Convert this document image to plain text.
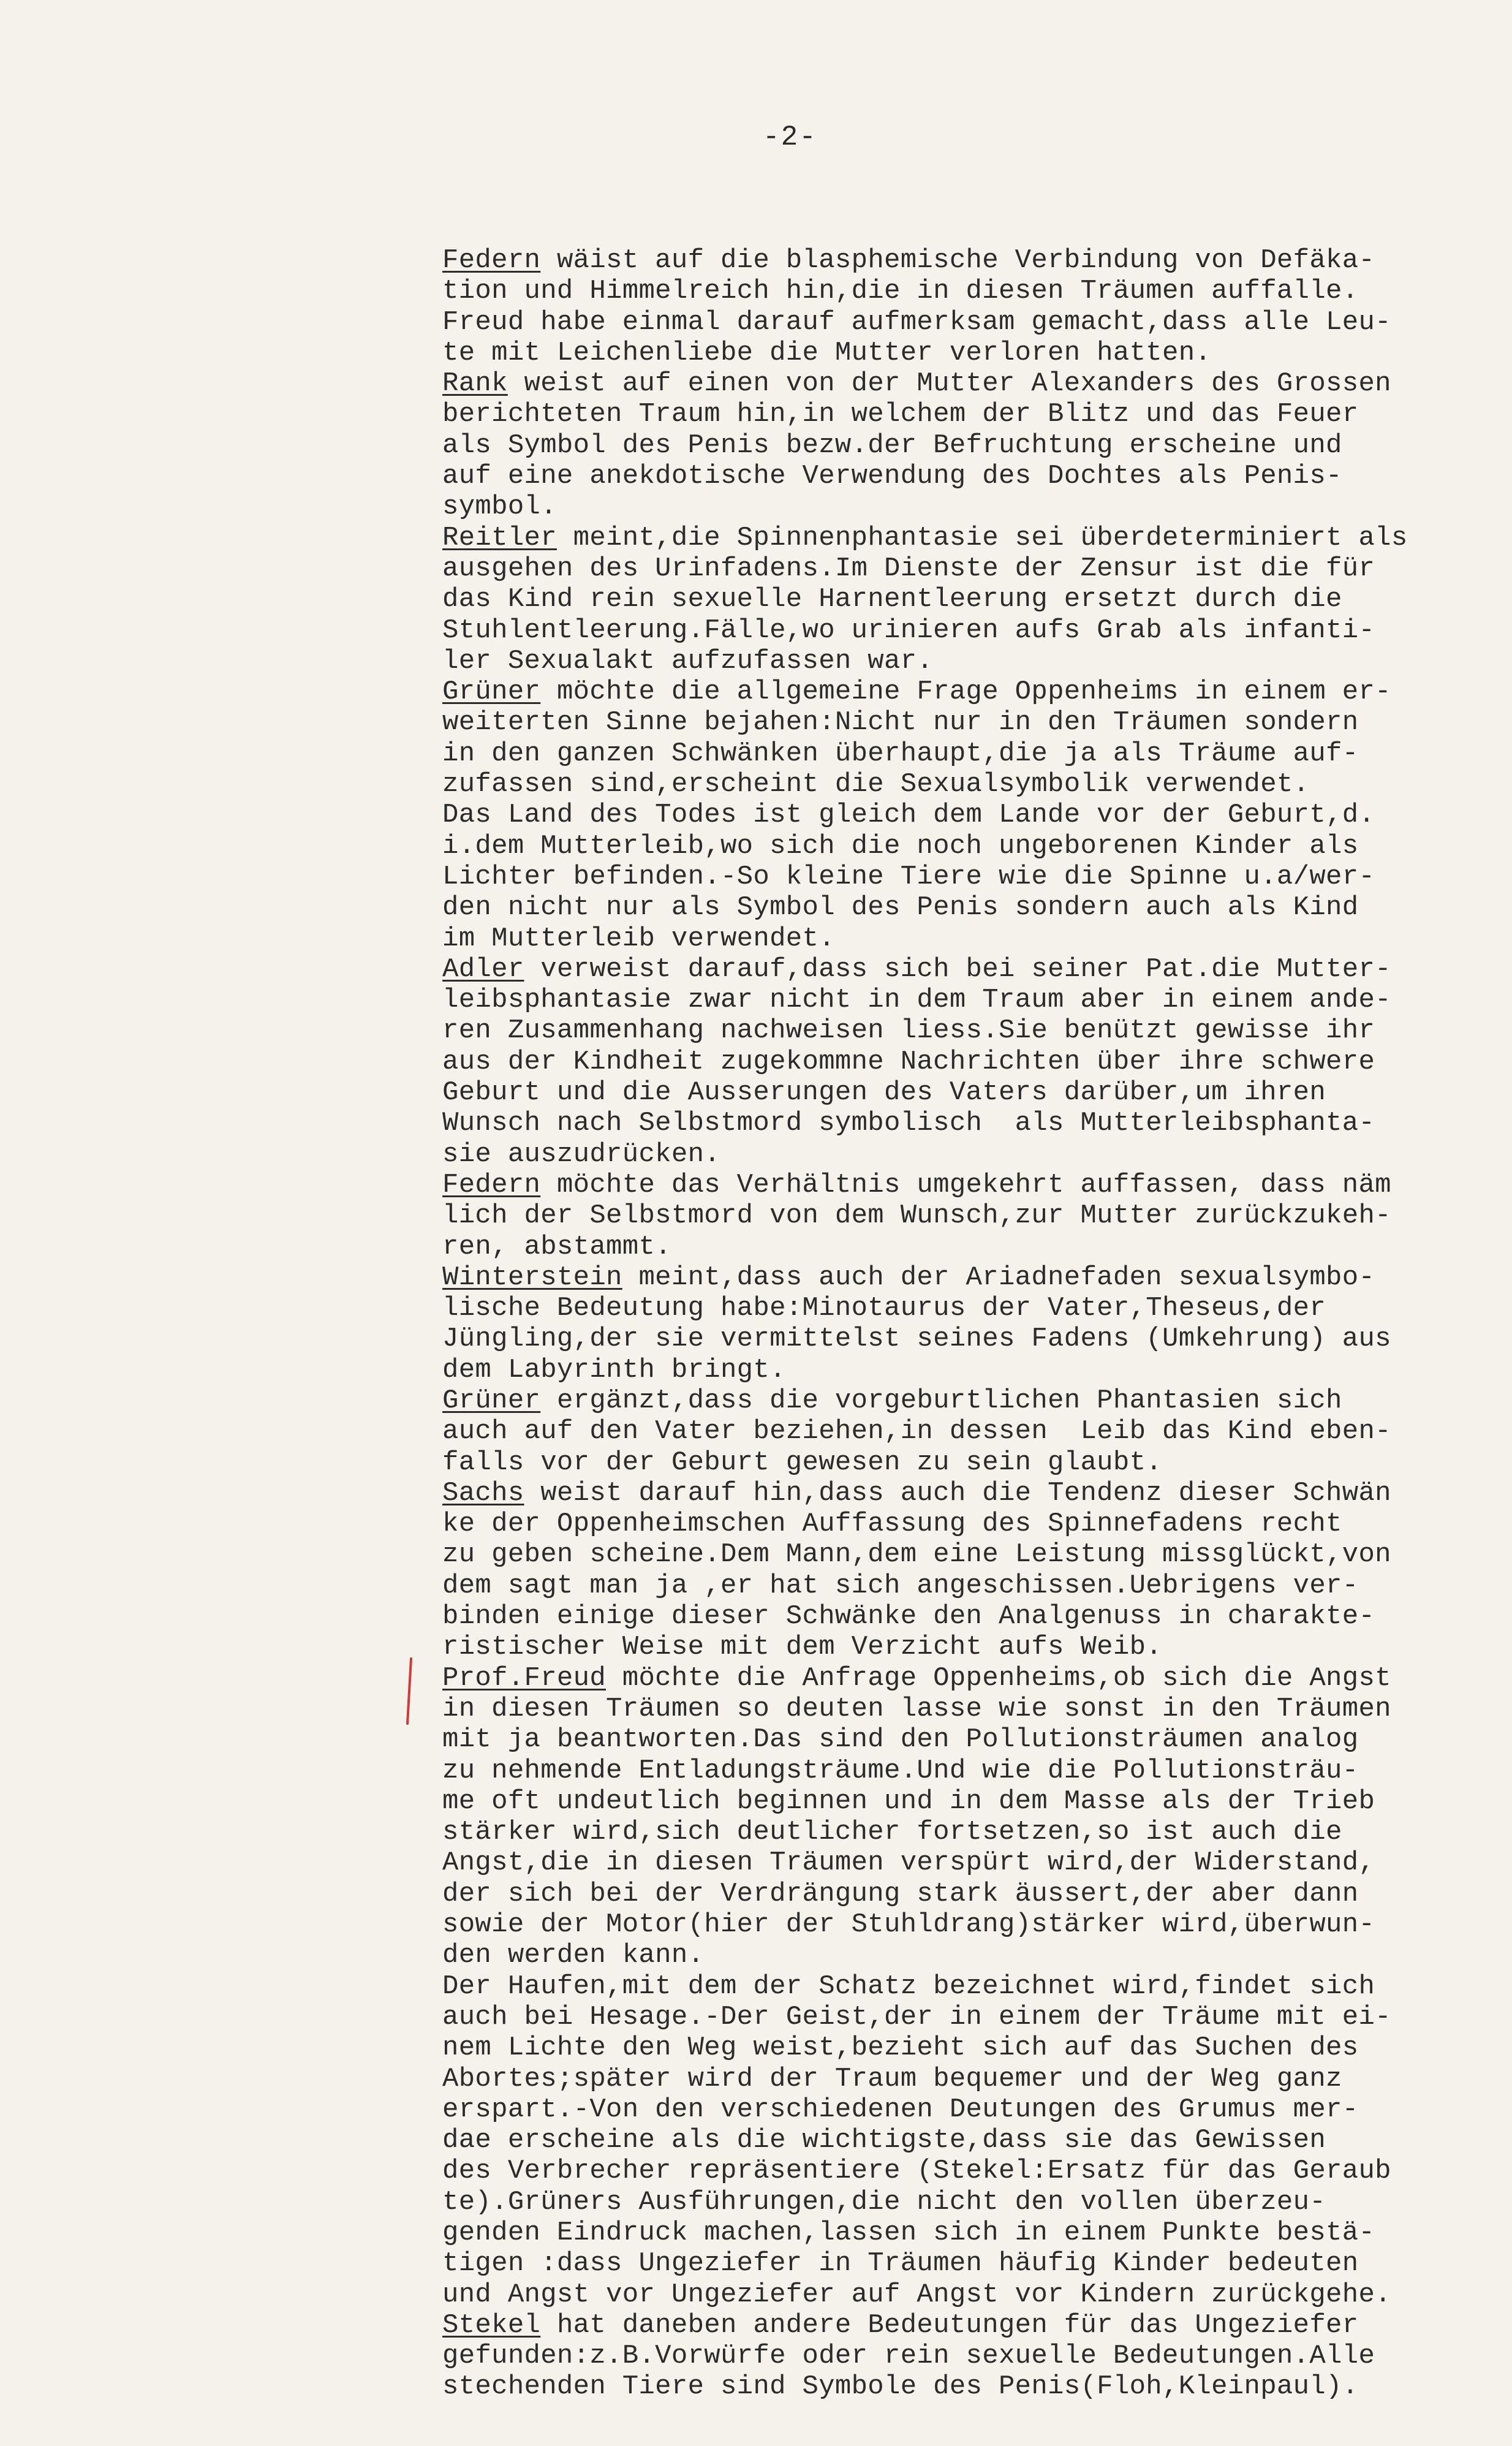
-2-
Federn wäist auf die blasphemische Verbindung von Defäka-
tion und Himmelreich hin,die in diesen Träumen auffalle.
Freud habe einmal darauf aufmerksam gemacht,dass alle Leu-
te mit Leichenliebe die Mutter verloren hatten.
Rank weist auf einen von der Mutter Alexanders des Grossen
berichteten Traum hin,in welchem der Blitz und das Feuer
als Symbol des Penis bezw.der Befruchtung erscheine und
auf eine anekdotische Verwendung des Dochtes als Penis-
symbol.
Reitler meint,die Spinnenphantasie sei überdeterminiert als
ausgehen des Urinfadens.Im Dienste der Zensur ist die für
das Kind rein sexuelle Harnentleerung ersetzt durch die
Stuhlentleerung.Fälle,wo urinieren aufs Grab als infanti-
ler Sexualakt aufzufassen war.
Grüner möchte die allgemeine Frage Oppenheims in einem er-
weiterten Sinne bejahen:Nicht nur in den Träumen sondern
in den ganzen Schwänken überhaupt,die ja als Träume auf-
zufassen sind,erscheint die Sexualsymbolik verwendet.
Das Land des Todes ist gleich dem Lande vor der Geburt,d.
i.dem Mutterleib,wo sich die noch ungeborenen Kinder als
Lichter befinden.-So kleine Tiere wie die Spinne u.a/wer-
den nicht nur als Symbol des Penis sondern auch als Kind
im Mutterleib verwendet.
Adler verweist darauf,dass sich bei seiner Pat.die Mutter-
leibsphantasie zwar nicht in dem Traum aber in einem ande-
ren Zusammenhang nachweisen liess.Sie benützt gewisse ihr
aus der Kindheit zugekommne Nachrichten über ihre schwere
Geburt und die Ausserungen des Vaters darüber,um ihren
Wunsch nach Selbstmord symbolisch  als Mutterleibsphanta-
sie auszudrücken.
Federn möchte das Verhältnis umgekehrt auffassen, dass näm
lich der Selbstmord von dem Wunsch,zur Mutter zurückzukeh-
ren, abstammt.
Winterstein meint,dass auch der Ariadnefaden sexualsymbo-
lische Bedeutung habe:Minotaurus der Vater,Theseus,der
Jüngling,der sie vermittelst seines Fadens (Umkehrung) aus
dem Labyrinth bringt.
Grüner ergänzt,dass die vorgeburtlichen Phantasien sich
auch auf den Vater beziehen,in dessen  Leib das Kind eben-
falls vor der Geburt gewesen zu sein glaubt.
Sachs weist darauf hin,dass auch die Tendenz dieser Schwän
ke der Oppenheimschen Auffassung des Spinnefadens recht
zu geben scheine.Dem Mann,dem eine Leistung missglückt,von
dem sagt man ja ,er hat sich angeschissen.Uebrigens ver-
binden einige dieser Schwänke den Analgenuss in charakte-
ristischer Weise mit dem Verzicht aufs Weib.
Prof.Freud möchte die Anfrage Oppenheims,ob sich die Angst
in diesen Träumen so deuten lasse wie sonst in den Träumen
mit ja beantworten.Das sind den Pollutionsträumen analog
zu nehmende Entladungsträume.Und wie die Pollutionsträu-
me oft undeutlich beginnen und in dem Masse als der Trieb
stärker wird,sich deutlicher fortsetzen,so ist auch die
Angst,die in diesen Träumen verspürt wird,der Widerstand,
der sich bei der Verdrängung stark äussert,der aber dann
sowie der Motor(hier der Stuhldrang)stärker wird,überwun-
den werden kann.
Der Haufen,mit dem der Schatz bezeichnet wird,findet sich
auch bei Hesage.-Der Geist,der in einem der Träume mit ei-
nem Lichte den Weg weist,bezieht sich auf das Suchen des
Abortes;später wird der Traum bequemer und der Weg ganz
erspart.-Von den verschiedenen Deutungen des Grumus mer-
dae erscheine als die wichtigste,dass sie das Gewissen
des Verbrecher repräsentiere (Stekel:Ersatz für das Geraub
te).Grüners Ausführungen,die nicht den vollen überzeu-
genden Eindruck machen,lassen sich in einem Punkte bestä-
tigen :dass Ungeziefer in Träumen häufig Kinder bedeuten
und Angst vor Ungeziefer auf Angst vor Kindern zurückgehe.
Stekel hat daneben andere Bedeutungen für das Ungeziefer
gefunden:z.B.Vorwürfe oder rein sexuelle Bedeutungen.Alle
stechenden Tiere sind Symbole des Penis(Floh,Kleinpaul).
